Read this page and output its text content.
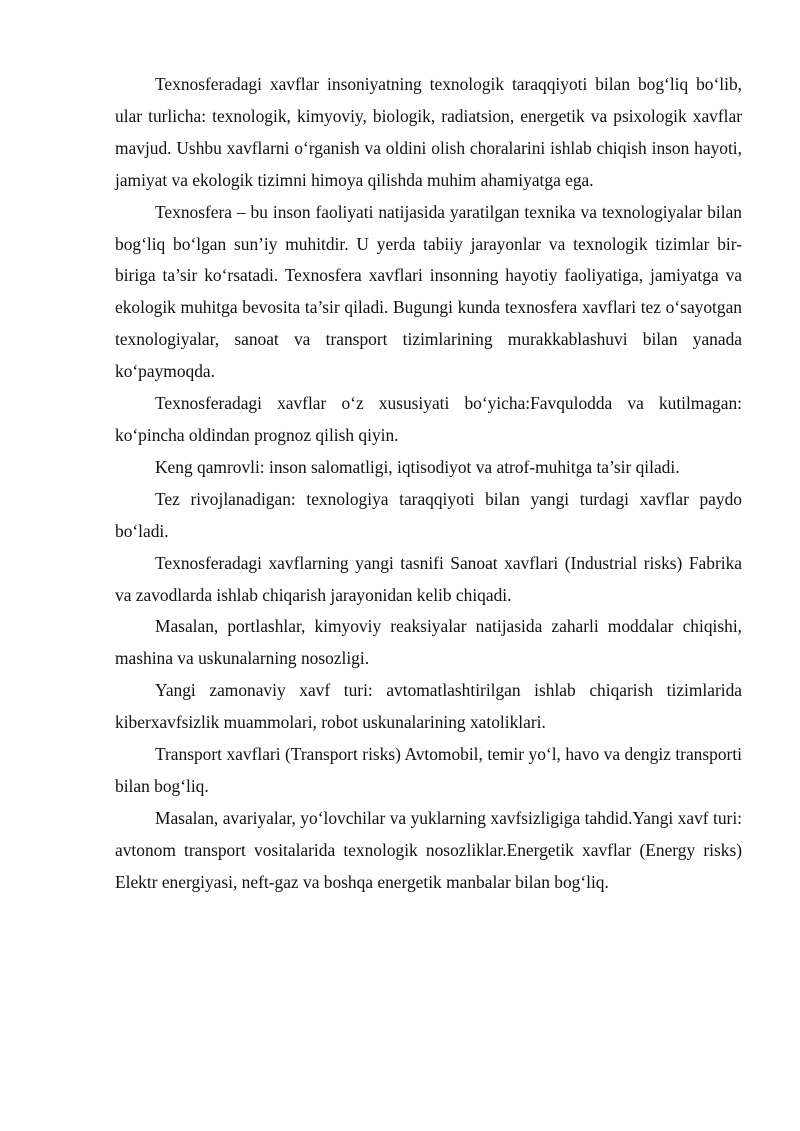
Texnosferadagi xavflar insoniyatning texnologik taraqqiyoti bilan bog‘liq bo‘lib, ular turlicha: texnologik, kimyoviy, biologik, radiatsion, energetik va psixologik xavflar mavjud. Ushbu xavflarni o‘rganish va oldini olish choralarini ishlab chiqish inson hayoti, jamiyat va ekologik tizimni himoya qilishda muhim ahamiyatga ega.

Texnosfera – bu inson faoliyati natijasida yaratilgan texnika va texnologiyalar bilan bog‘liq bo‘lgan sun’iy muhitdir. U yerda tabiiy jarayonlar va texnologik tizimlar bir-biriga ta’sir ko‘rsatadi. Texnosfera xavflari insonning hayotiy faoliyatiga, jamiyatga va ekologik muhitga bevosita ta’sir qiladi. Bugungi kunda texnosfera xavflari tez o‘sayotgan texnologiyalar, sanoat va transport tizimlarining murakkablashuvi bilan yanada ko‘paymoqda.

Texnosferadagi xavflar o‘z xususiyati bo‘yicha:Favqulodda va kutilmagan: ko‘pincha oldindan prognoz qilish qiyin.

Keng qamrovli: inson salomatligi, iqtisodiyot va atrof-muhitga ta’sir qiladi.

Tez rivojlanadigan: texnologiya taraqqiyoti bilan yangi turdagi xavflar paydo bo‘ladi.

Texnosferadagi xavflarning yangi tasnifi Sanoat xavflari (Industrial risks) Fabrika va zavodlarda ishlab chiqarish jarayonidan kelib chiqadi.

Masalan, portlashlar, kimyoviy reaksiyalar natijasida zaharli moddalar chiqishi, mashina va uskunalarning nosozligi.

Yangi zamonaviy xavf turi: avtomatlashtirilgan ishlab chiqarish tizimlarida kiberxavfsizlik muammolari, robot uskunalarining xatoliklari.

Transport xavflari (Transport risks) Avtomobil, temir yo‘l, havo va dengiz transporti bilan bog‘liq.

Masalan, avariyalar, yo‘lovchilar va yuklarning xavfsizligiga tahdid.Yangi xavf turi: avtonom transport vositalarida texnologik nosozliklar.Energetik xavflar (Energy risks) Elektr energiyasi, neft-gaz va boshqa energetik manbalar bilan bog‘liq.
